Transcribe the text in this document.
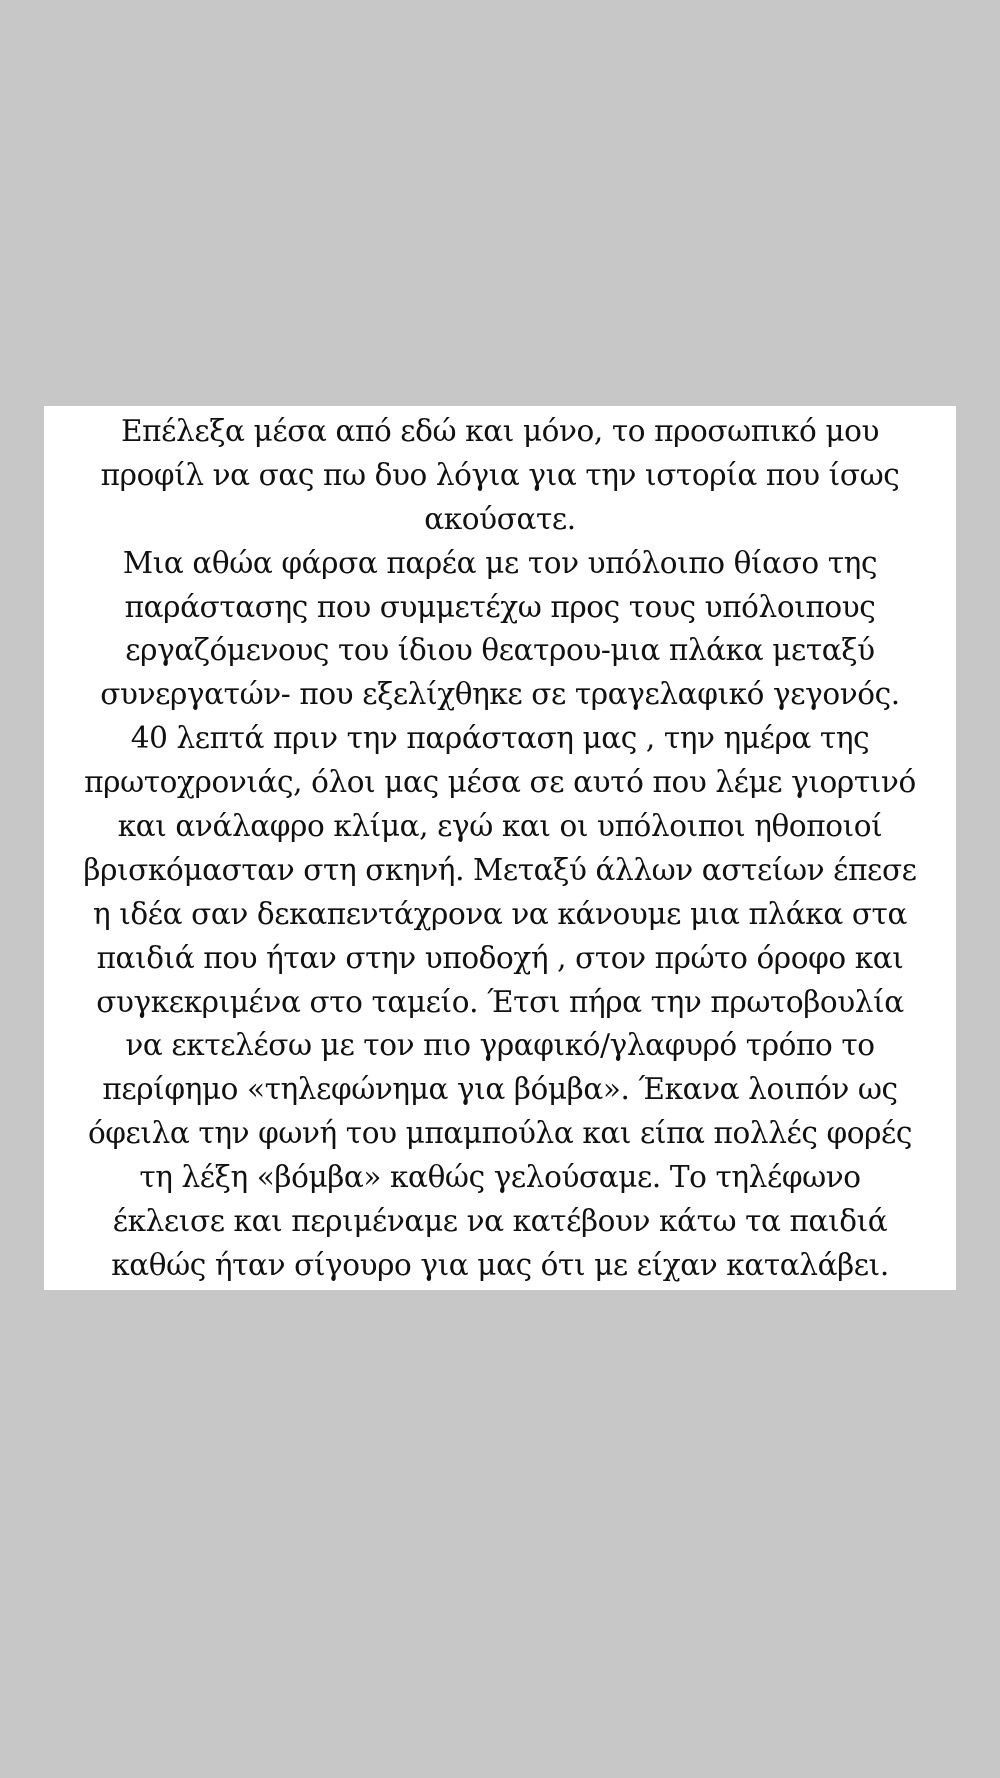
Επέλεξα μέσα από εδώ και μόνο, το προσωπικό μου
προφίλ να σας πω δυο λόγια για την ιστορία που ίσως
ακούσατε.
Μια αθώα φάρσα παρέα με τον υπόλοιπο θίασο της
παράστασης που συμμετέχω προς τους υπόλοιπους
εργαζόμενους του ίδιου θεατρου-μια πλάκα μεταξύ
συνεργατών- που εξελίχθηκε σε τραγελαφικό γεγονός.
40 λεπτά πριν την παράσταση μας , την ημέρα της
πρωτοχρονιάς, όλοι μας μέσα σε αυτό που λέμε γιορτινό
και ανάλαφρο κλίμα, εγώ και οι υπόλοιποι ηθοποιοί
βρισκόμασταν στη σκηνή. Μεταξύ άλλων αστείων έπεσε
η ιδέα σαν δεκαπεντάχρονα να κάνουμε μια πλάκα στα
παιδιά που ήταν στην υποδοχή , στον πρώτο όροφο και
συγκεκριμένα στο ταμείο. Έτσι πήρα την πρωτοβουλία
να εκτελέσω με τον πιο γραφικό/γλαφυρό τρόπο το
περίφημο «τηλεφώνημα για βόμβα». Έκανα λοιπόν ως
όφειλα την φωνή του μπαμπούλα και είπα πολλές φορές
τη λέξη «βόμβα» καθώς γελούσαμε. Το τηλέφωνο
έκλεισε και περιμέναμε να κατέβουν κάτω τα παιδιά
καθώς ήταν σίγουρο για μας ότι με είχαν καταλάβει.
